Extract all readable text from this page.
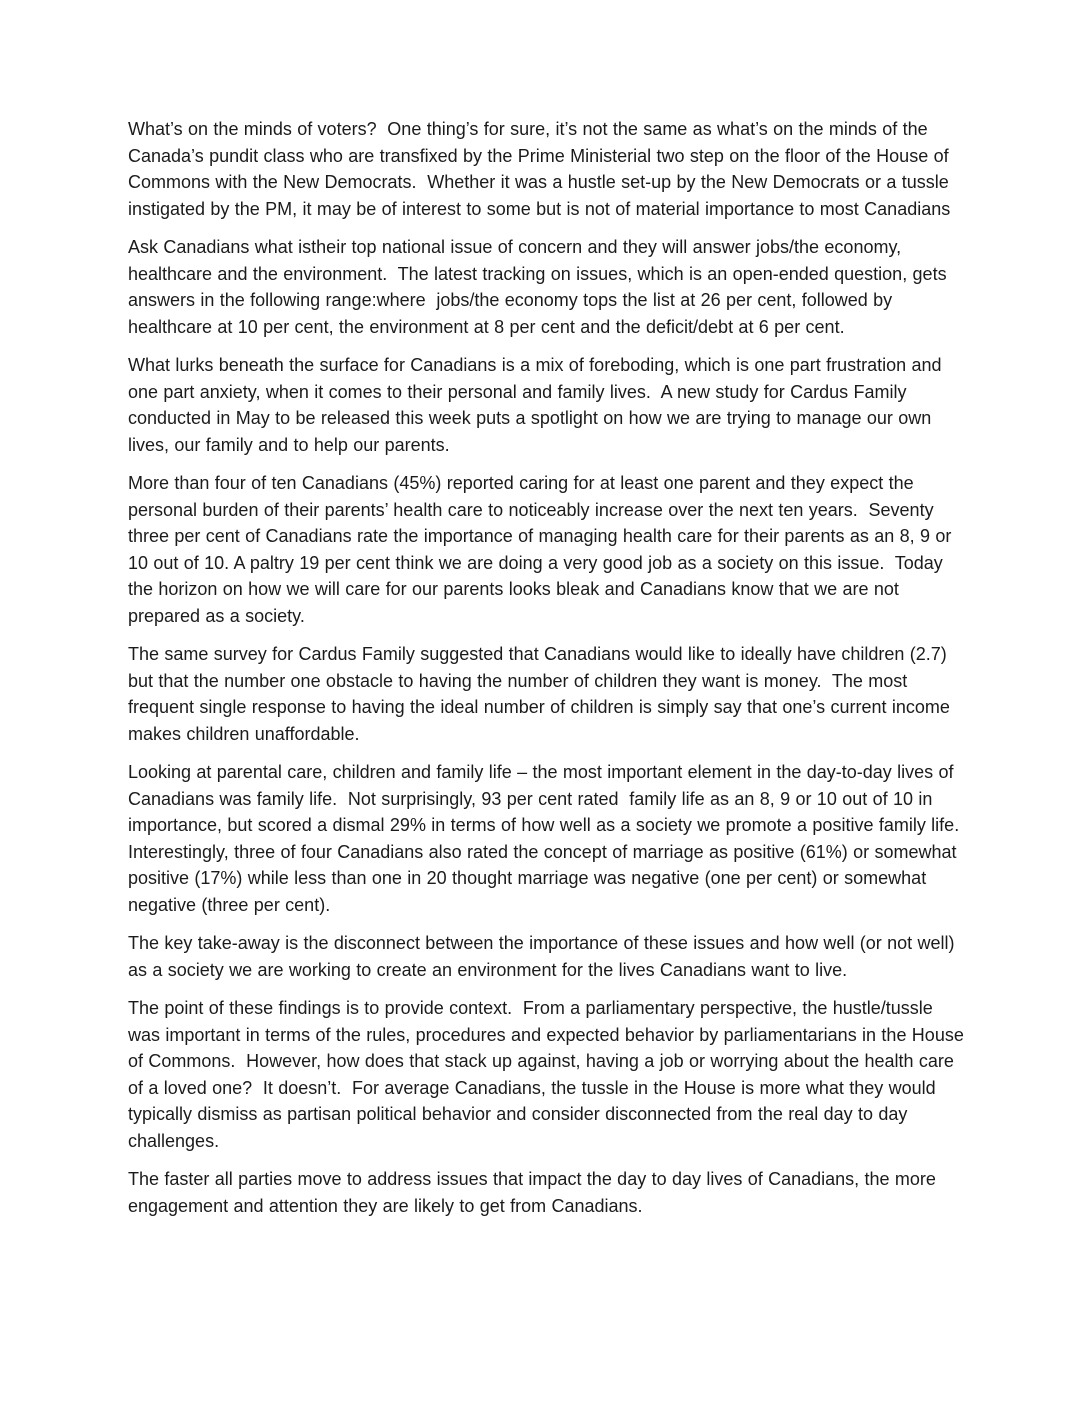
What’s on the minds of voters?  One thing’s for sure, it’s not the same as what’s on the minds of the Canada’s pundit class who are transfixed by the Prime Ministerial two step on the floor of the House of Commons with the New Democrats.  Whether it was a hustle set-up by the New Democrats or a tussle instigated by the PM, it may be of interest to some but is not of material importance to most Canadians

Ask Canadians what istheir top national issue of concern and they will answer jobs/the economy, healthcare and the environment.  The latest tracking on issues, which is an open-ended question, gets answers in the following range:where  jobs/the economy tops the list at 26 per cent, followed by healthcare at 10 per cent, the environment at 8 per cent and the deficit/debt at 6 per cent.

What lurks beneath the surface for Canadians is a mix of foreboding, which is one part frustration and one part anxiety, when it comes to their personal and family lives.  A new study for Cardus Family conducted in May to be released this week puts a spotlight on how we are trying to manage our own lives, our family and to help our parents.

More than four of ten Canadians (45%) reported caring for at least one parent and they expect the personal burden of their parents’ health care to noticeably increase over the next ten years.  Seventy three per cent of Canadians rate the importance of managing health care for their parents as an 8, 9 or 10 out of 10. A paltry 19 per cent think we are doing a very good job as a society on this issue.  Today the horizon on how we will care for our parents looks bleak and Canadians know that we are not prepared as a society.

The same survey for Cardus Family suggested that Canadians would like to ideally have children (2.7) but that the number one obstacle to having the number of children they want is money.  The most frequent single response to having the ideal number of children is simply say that one’s current income makes children unaffordable.

Looking at parental care, children and family life – the most important element in the day-to-day lives of Canadians was family life.  Not surprisingly, 93 per cent rated  family life as an 8, 9 or 10 out of 10 in importance, but scored a dismal 29% in terms of how well as a society we promote a positive family life.  Interestingly, three of four Canadians also rated the concept of marriage as positive (61%) or somewhat positive (17%) while less than one in 20 thought marriage was negative (one per cent) or somewhat negative (three per cent).

The key take-away is the disconnect between the importance of these issues and how well (or not well) as a society we are working to create an environment for the lives Canadians want to live.

The point of these findings is to provide context.  From a parliamentary perspective, the hustle/tussle was important in terms of the rules, procedures and expected behavior by parliamentarians in the House of Commons.  However, how does that stack up against, having a job or worrying about the health care of a loved one?  It doesn’t.  For average Canadians, the tussle in the House is more what they would typically dismiss as partisan political behavior and consider disconnected from the real day to day challenges.

The faster all parties move to address issues that impact the day to day lives of Canadians, the more engagement and attention they are likely to get from Canadians.
